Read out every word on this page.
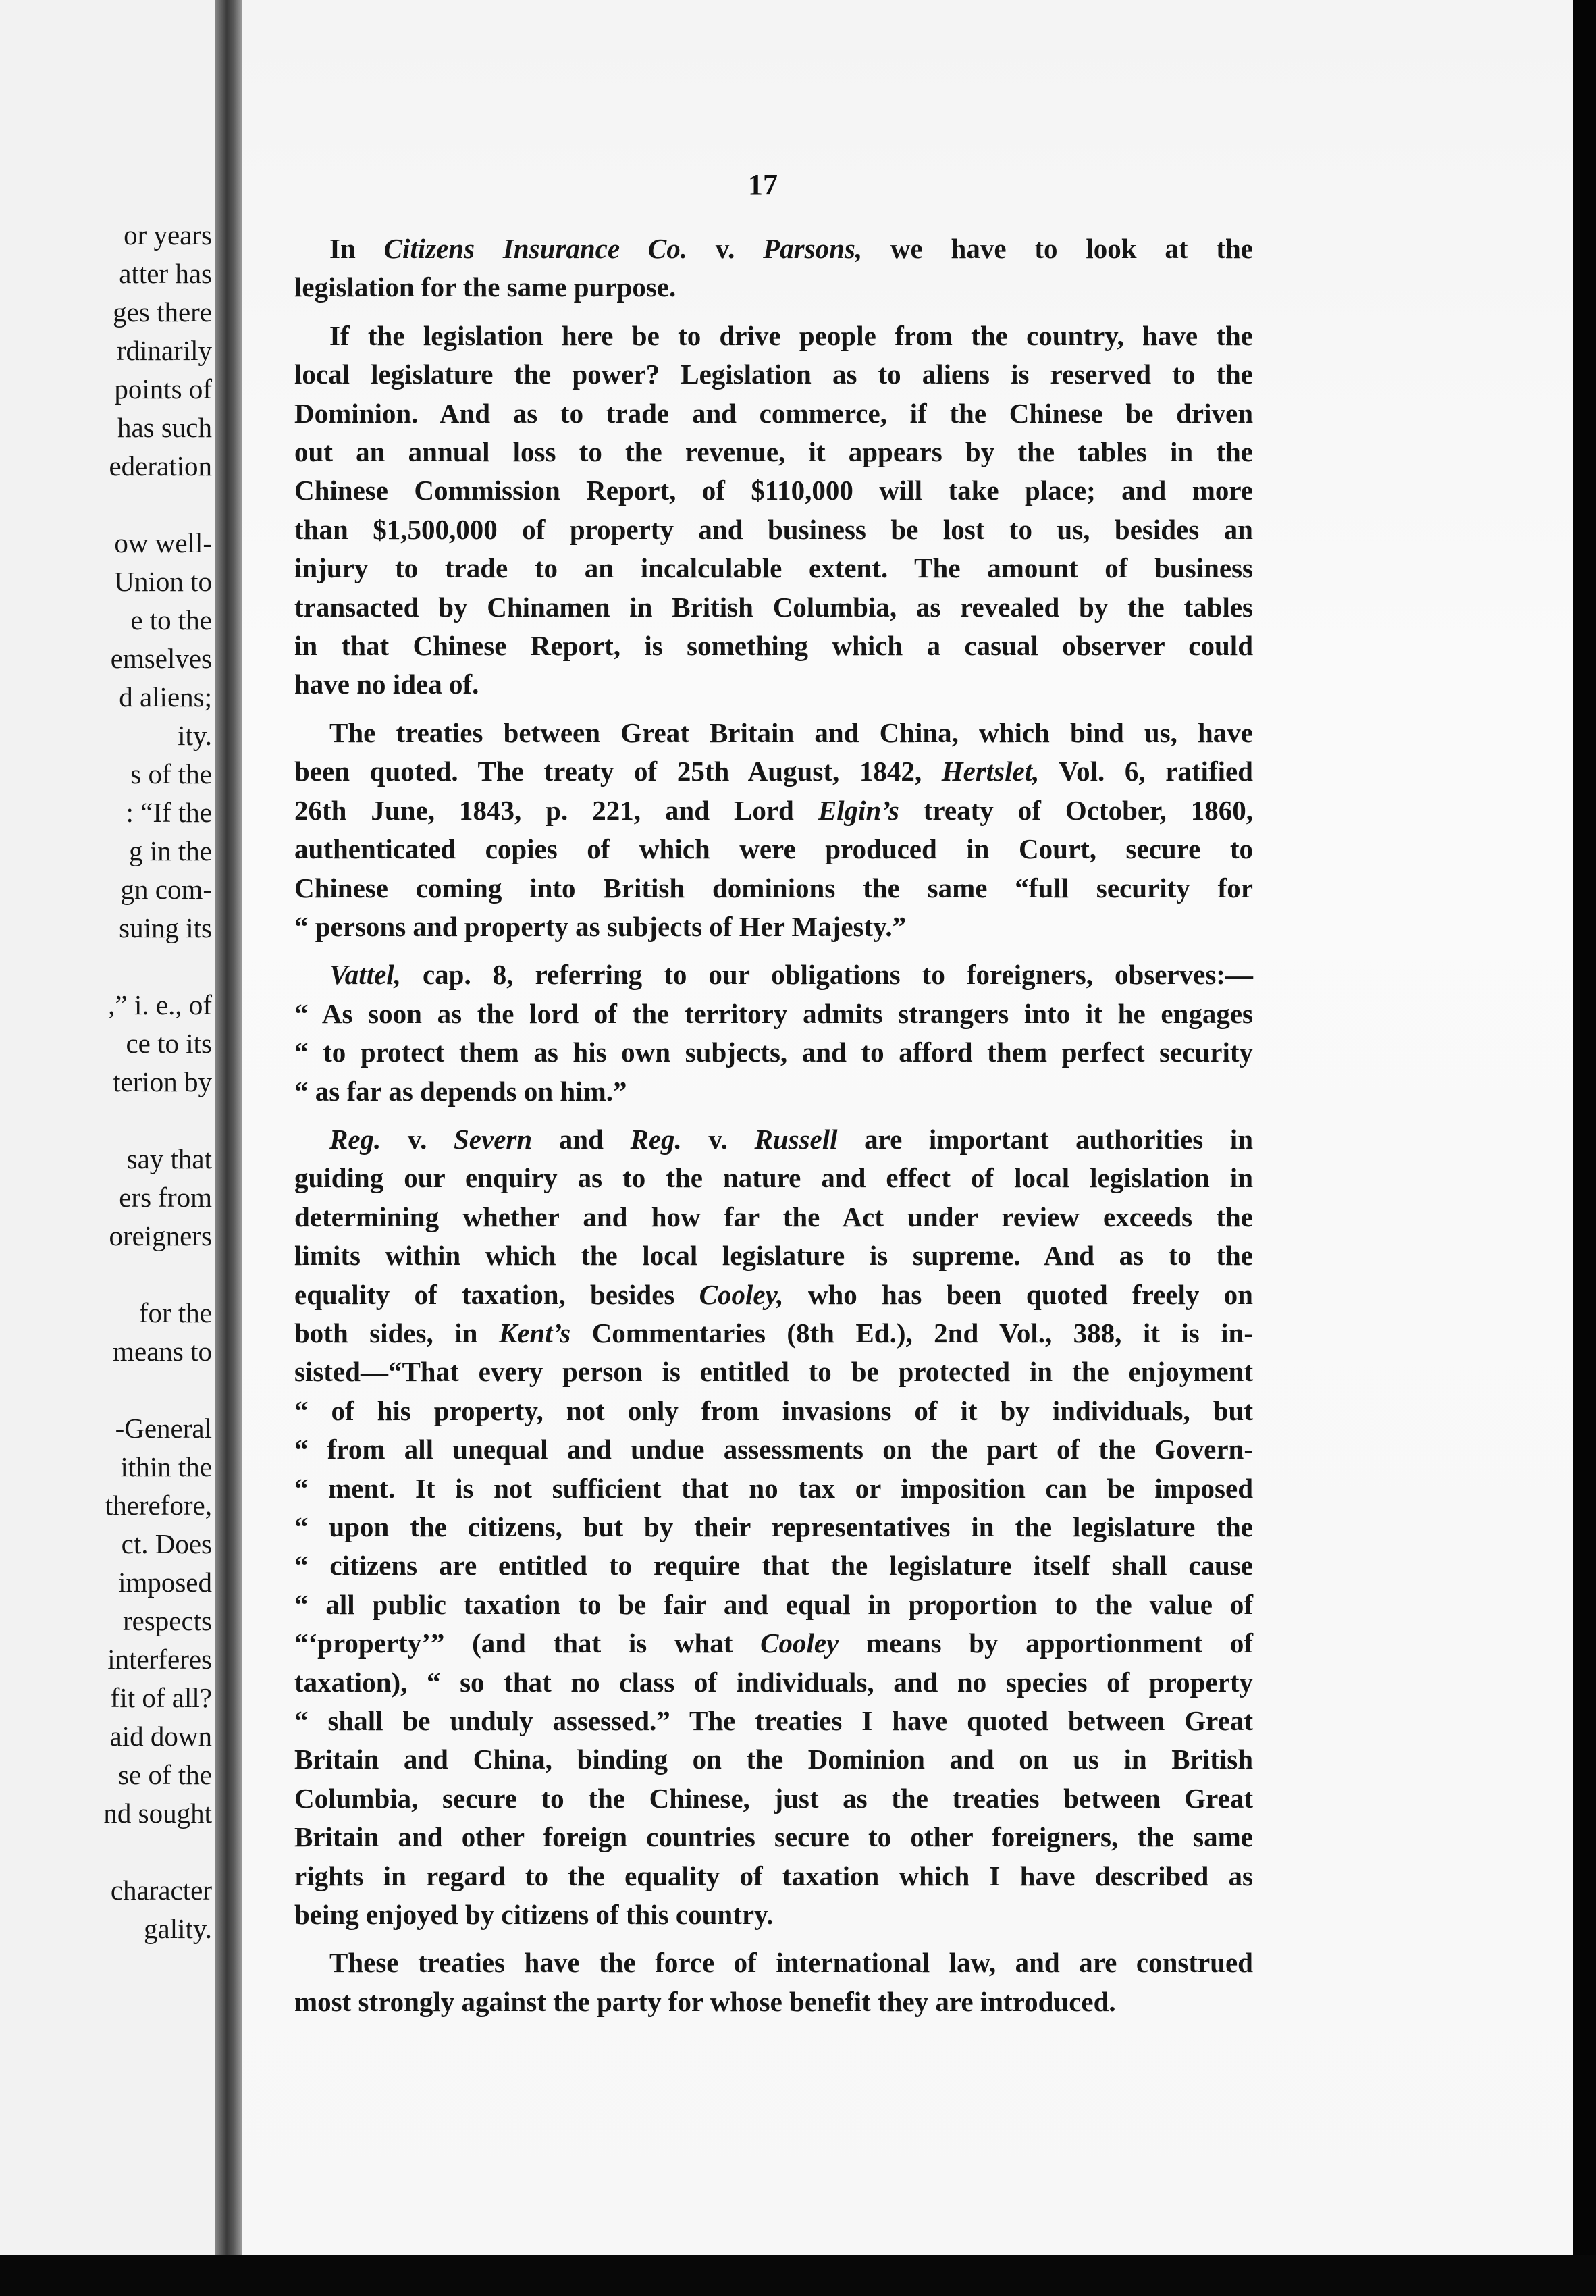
or years
atter has
ges there
rdinarily
points of
has such
ederation
ow well-
Union to
e to the
emselves
d aliens;
ity.
s of the
: “If the
g in the
gn com-
suing its
,” i. e., of
ce to its
terion by
say that
ers from
oreigners
for the
means to
-General
ithin the
therefore,
ct. Does
imposed
respects
interferes
fit of all?
aid down
se of the
nd sought
character
gality.
17
In Citizens Insurance Co. v. Parsons, we have to look at the
legislation for the same purpose.
If the legislation here be to drive people from the country, have the
local legislature the power? Legislation as to aliens is reserved to the
Dominion. And as to trade and commerce, if the Chinese be driven
out an annual loss to the revenue, it appears by the tables in the
Chinese Commission Report, of $110,000 will take place; and more
than $1,500,000 of property and business be lost to us, besides an
injury to trade to an incalculable extent. The amount of business
transacted by Chinamen in British Columbia, as revealed by the tables
in that Chinese Report, is something which a casual observer could
have no idea of.
The treaties between Great Britain and China, which bind us, have
been quoted. The treaty of 25th August, 1842, Hertslet, Vol. 6, ratified
26th June, 1843, p. 221, and Lord Elgin’s treaty of October, 1860,
authenticated copies of which were produced in Court, secure to
Chinese coming into British dominions the same “full security for
“ persons and property as subjects of Her Majesty.”
Vattel, cap. 8, referring to our obligations to foreigners, observes:—
“ As soon as the lord of the territory admits strangers into it he engages
“ to protect them as his own subjects, and to afford them perfect security
“ as far as depends on him.”
Reg. v. Severn and Reg. v. Russell are important authorities in
guiding our enquiry as to the nature and effect of local legislation in
determining whether and how far the Act under review exceeds the
limits within which the local legislature is supreme. And as to the
equality of taxation, besides Cooley, who has been quoted freely on
both sides, in Kent’s Commentaries (8th Ed.), 2nd Vol., 388, it is in-
sisted—“That every person is entitled to be protected in the enjoyment
“ of his property, not only from invasions of it by individuals, but
“ from all unequal and undue assessments on the part of the Govern-
“ ment. It is not sufficient that no tax or imposition can be imposed
“ upon the citizens, but by their representatives in the legislature the
“ citizens are entitled to require that the legislature itself shall cause
“ all public taxation to be fair and equal in proportion to the value of
“‘property’” (and that is what Cooley means by apportionment of
taxation), “ so that no class of individuals, and no species of property
“ shall be unduly assessed.” The treaties I have quoted between Great
Britain and China, binding on the Dominion and on us in British
Columbia, secure to the Chinese, just as the treaties between Great
Britain and other foreign countries secure to other foreigners, the same
rights in regard to the equality of taxation which I have described as
being enjoyed by citizens of this country.
These treaties have the force of international law, and are construed
most strongly against the party for whose benefit they are introduced.
